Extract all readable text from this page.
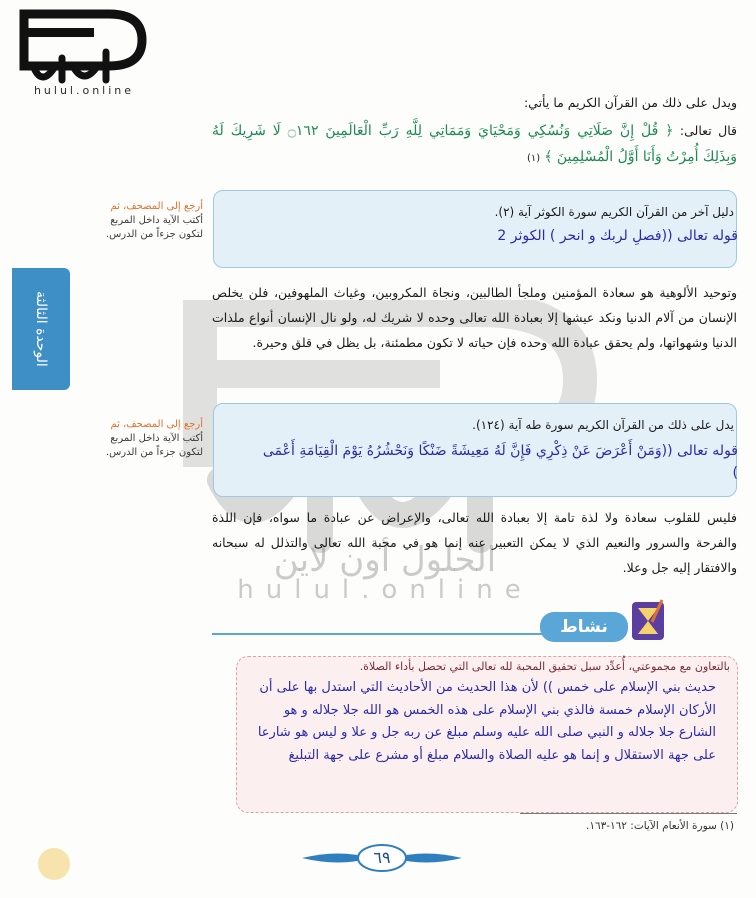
hulul.online
الحلول أون لاين
hulul.online
الوحدة الثالثة
ويدل على ذلك من القرآن الكريم ما يأتي:
قال تعالى: ﴿ قُلْ إِنَّ صَلَاتِي وَنُسُكِي وَمَحْيَايَ وَمَمَاتِي لِلَّهِ رَبِّ الْعَالَمِينَ ۝١٦٢ لَا شَرِيكَ لَهُ وَبِذَلِكَ أُمِرْتُ وَأَنَا أَوَّلُ الْمُسْلِمِينَ ﴾ (١)
أرجع إلى المصحف، ثم
أكتب الآية داخل المربع
لتكون جزءاً من الدرس.
دليل آخر من القرآن الكريم سورة الكوثر آية (٢).
قوله تعالى ((فصلِ لربك و انحر ) الكوثر 2
وتوحيد الألوهية هو سعادة المؤمنين وملجأ الطالبين، ونجاة المكروبين، وغياث الملهوفين، فلن يخلص الإنسان من آلام الدنيا ونكد عيشها إلا بعبادة الله تعالى وحده لا شريك له، ولو نال الإنسان أنواع ملذات الدنيا وشهواتها، ولم يحقق عبادة الله وحده فإن حياته لا تكون مطمئنة، بل يظل في قلق وحيرة.
أرجع إلى المصحف، ثم
أكتب الآية داخل المربع
لتكون جزءاً من الدرس.
يدل على ذلك من القرآن الكريم سورة طه آية (١٢٤).
قوله تعالى ((وَمَنْ أَعْرَضَ عَنْ ذِكْرِي فَإِنَّ لَهُ مَعِيشَةً ضَنْكًا وَنَحْشُرُهُ يَوْمَ الْقِيَامَةِ أَعْمَى )
فليس للقلوب سعادة ولا لذة تامة إلا بعبادة الله تعالى، والإعراض عن عبادة ما سواه، فإن اللذة والفرحة والسرور والنعيم الذي لا يمكن التعبير عنه إنما هو في محبة الله تعالى والتذلل له سبحانه والافتقار إليه جل وعلا.
نشاط
بالتعاون مع مجموعتي، أُعدِّد سبل تحقيق المحبة لله تعالى التي تحصل بأداء الصلاة.
حديث بني الإسلام على خمس )) لأن هذا الحديث من الأحاديث التي استدل بها على أن الأركان الإسلام خمسة فالذي بني الإسلام على هذه الخمس هو الله جلا جلاله و هو الشارع جلا جلاله و النبي صلى الله عليه وسلم مبلغ عن ربه جل و علا و ليس هو شارعا على جهة الاستقلال و إنما هو عليه الصلاة والسلام مبلغ أو مشرع على جهة التبليغ
(١) سورة الأنعام الآيات: ١٦٢-١٦٣.
٦٩
